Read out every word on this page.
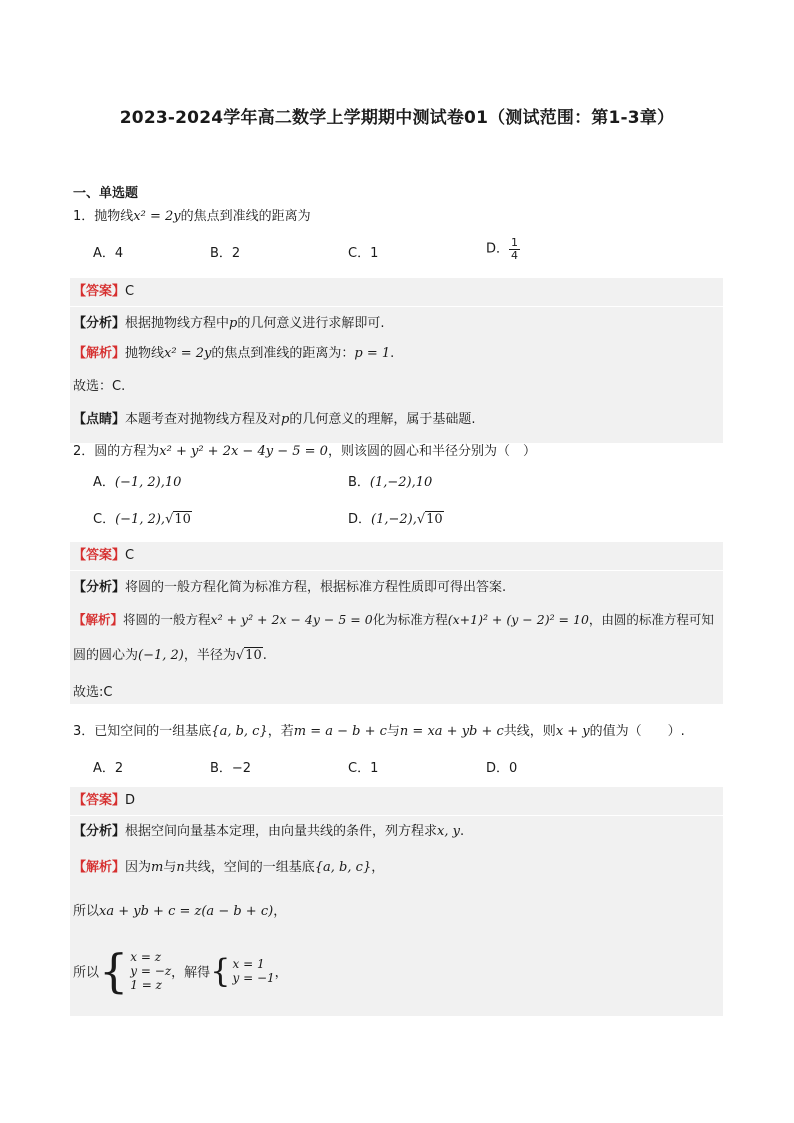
2023-2024学年高二数学上学期期中测试卷01（测试范围：第1-3章）
一、单选题
1．抛物线x² = 2y的焦点到准线的距离为
A．4	B．2	C．1	D． $\frac{1}{4}$
【答案】C
【分析】根据抛物线方程中p的几何意义进行求解即可.
【解析】抛物线x² = 2y的焦点到准线的距离为：p = 1.
故选：C.
【点睛】本题考查对抛物线方程及对p的几何意义的理解，属于基础题.
2．圆的方程为x² + y² + 2x − 4y − 5 = 0，则该圆的圆心和半径分别为（　）
A．(−1, 2),10	B．(1,−2),10
C．(−1, 2),√10	D．(1,−2),√10
【答案】C
【分析】将圆的一般方程化简为标准方程，根据标准方程性质即可得出答案.
【解析】将圆的一般方程x² + y² + 2x − 4y − 5 = 0化为标准方程(x+1)² + (y − 2)² = 10，由圆的标准方程可知
圆的圆心为(−1, 2)，半径为√10.
故选:C
3．已知空间的一组基底{a, b, c}，若m = a − b + c与n = xa + yb + c共线，则x + y的值为（　　）.
A．2	B．−2	C．1	D．0
【答案】D
【分析】根据空间向量基本定理，由向量共线的条件，列方程求x, y.
【解析】因为m与n共线，空间的一组基底{a, b, c}，
所以xa + yb + c = z(a − b + c)，
所以 { x = z
y = −z
1 = z
，解得 { x = 1
y = −1 ，
